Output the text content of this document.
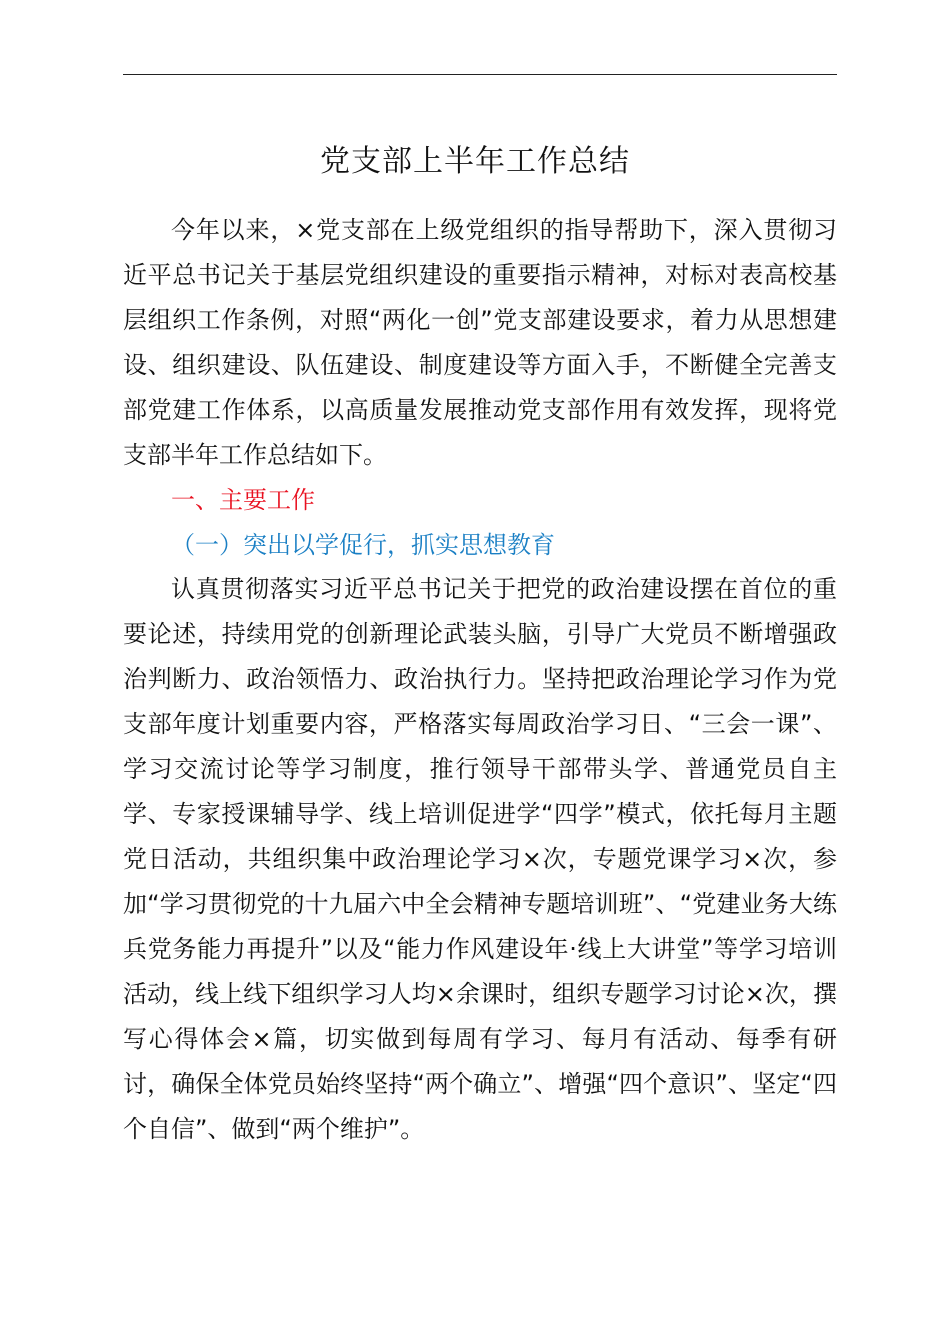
党支部上半年工作总结

今年以来，×党支部在上级党组织的指导帮助下，深入贯彻习近平总书记关于基层党组织建设的重要指示精神，对标对表高校基层组织工作条例，对照“两化一创”党支部建设要求，着力从思想建设、组织建设、队伍建设、制度建设等方面入手，不断健全完善支部党建工作体系，以高质量发展推动党支部作用有效发挥，现将党支部半年工作总结如下。

一、主要工作
（一）突出以学促行，抓实思想教育

认真贯彻落实习近平总书记关于把党的政治建设摆在首位的重要论述，持续用党的创新理论武装头脑，引导广大党员不断增强政治判断力、政治领悟力、政治执行力。坚持把政治理论学习作为党支部年度计划重要内容，严格落实每周政治学习日、“三会一课”、学习交流讨论等学习制度，推行领导干部带头学、普通党员自主学、专家授课辅导学、线上培训促进学“四学”模式，依托每月主题党日活动，共组织集中政治理论学习×次，专题党课学习×次，参加“学习贯彻党的十九届六中全会精神专题培训班”、“党建业务大练兵党务能力再提升”以及“能力作风建设年·线上大讲堂”等学习培训活动，线上线下组织学习人均×余课时，组织专题学习讨论×次，撰写心得体会×篇，切实做到每周有学习、每月有活动、每季有研讨，确保全体党员始终坚持“两个确立”、增强“四个意识”、坚定“四个自信”、做到“两个维护”。
